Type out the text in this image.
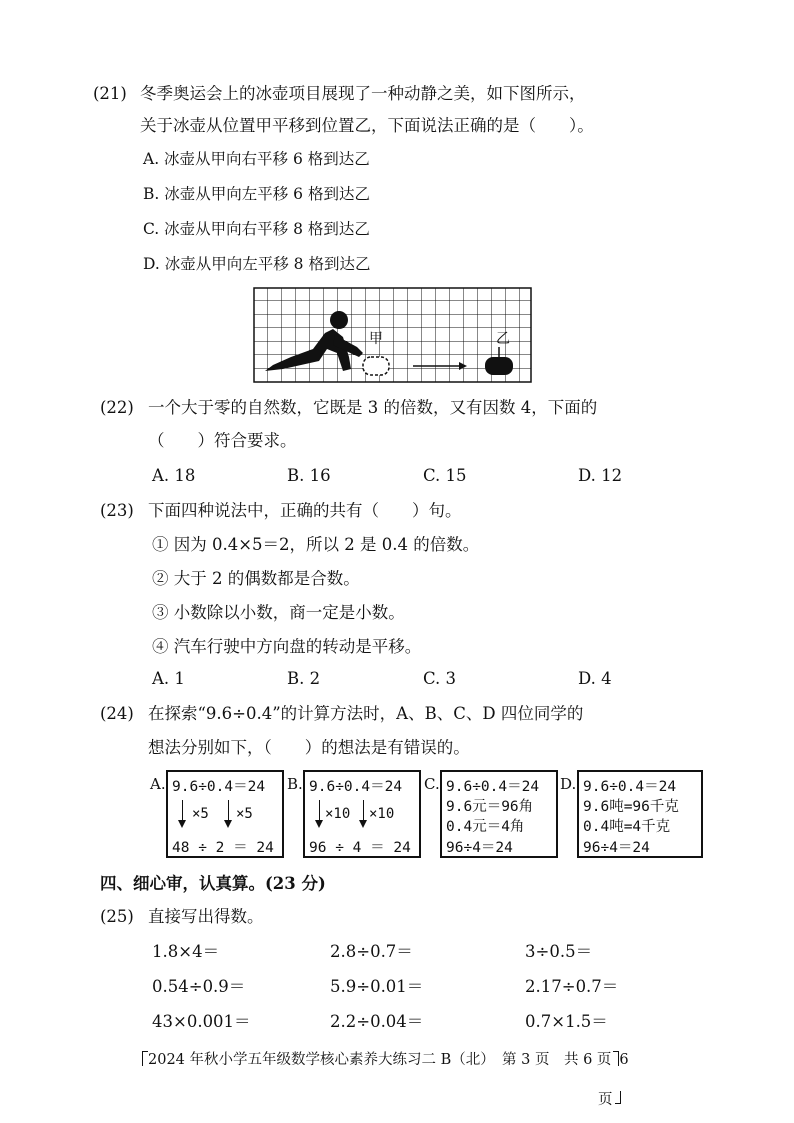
(21) 冬季奥运会上的冰壶项目展现了一种动静之美，如下图所示，
关于冰壶从位置甲平移到位置乙，下面说法正确的是（　　）。
A. 冰壶从甲向右平移 6 格到达乙
B. 冰壶从甲向左平移 6 格到达乙
C. 冰壶从甲向右平移 8 格到达乙
D. 冰壶从甲向左平移 8 格到达乙
甲	乙
(22) 一个大于零的自然数，它既是 3 的倍数，又有因数 4，下面的
（　　）符合要求。
A. 18	B. 16	C. 15	D. 12
(23) 下面四种说法中，正确的共有（　　）句。
① 因为 0.4×5＝2，所以 2 是 0.4 的倍数。
② 大于 2 的偶数都是合数。
③ 小数除以小数，商一定是小数。
④ 汽车行驶中方向盘的转动是平移。
A. 1	B. 2	C. 3	D. 4
(24) 在探索“9.6÷0.4”的计算方法时，A、B、C、D 四位同学的
想法分别如下，（　　）的想法是有错误的。
A. 9.6÷0.4＝24
×5 ×5
48 ÷ 2 ＝ 24
B. 9.6÷0.4＝24
×10 ×10
96 ÷ 4 ＝ 24
C. 9.6÷0.4＝24
9.6元＝96角
0.4元＝4角
96÷4＝24
D. 9.6÷0.4＝24
9.6吨=96千克
0.4吨=4千克
96÷4＝24
四、细心审，认真算。(23 分)
(25) 直接写出得数。
1.8×4＝	2.8÷0.7＝	3÷0.5＝
0.54÷0.9＝	5.9÷0.01＝	2.17÷0.7＝
43×0.001＝	2.2÷0.04＝	0.7×1.5＝
2024 年秋小学五年级数学核心素养大练习二 B（北）　第 3 页　共 6 页 6
页
